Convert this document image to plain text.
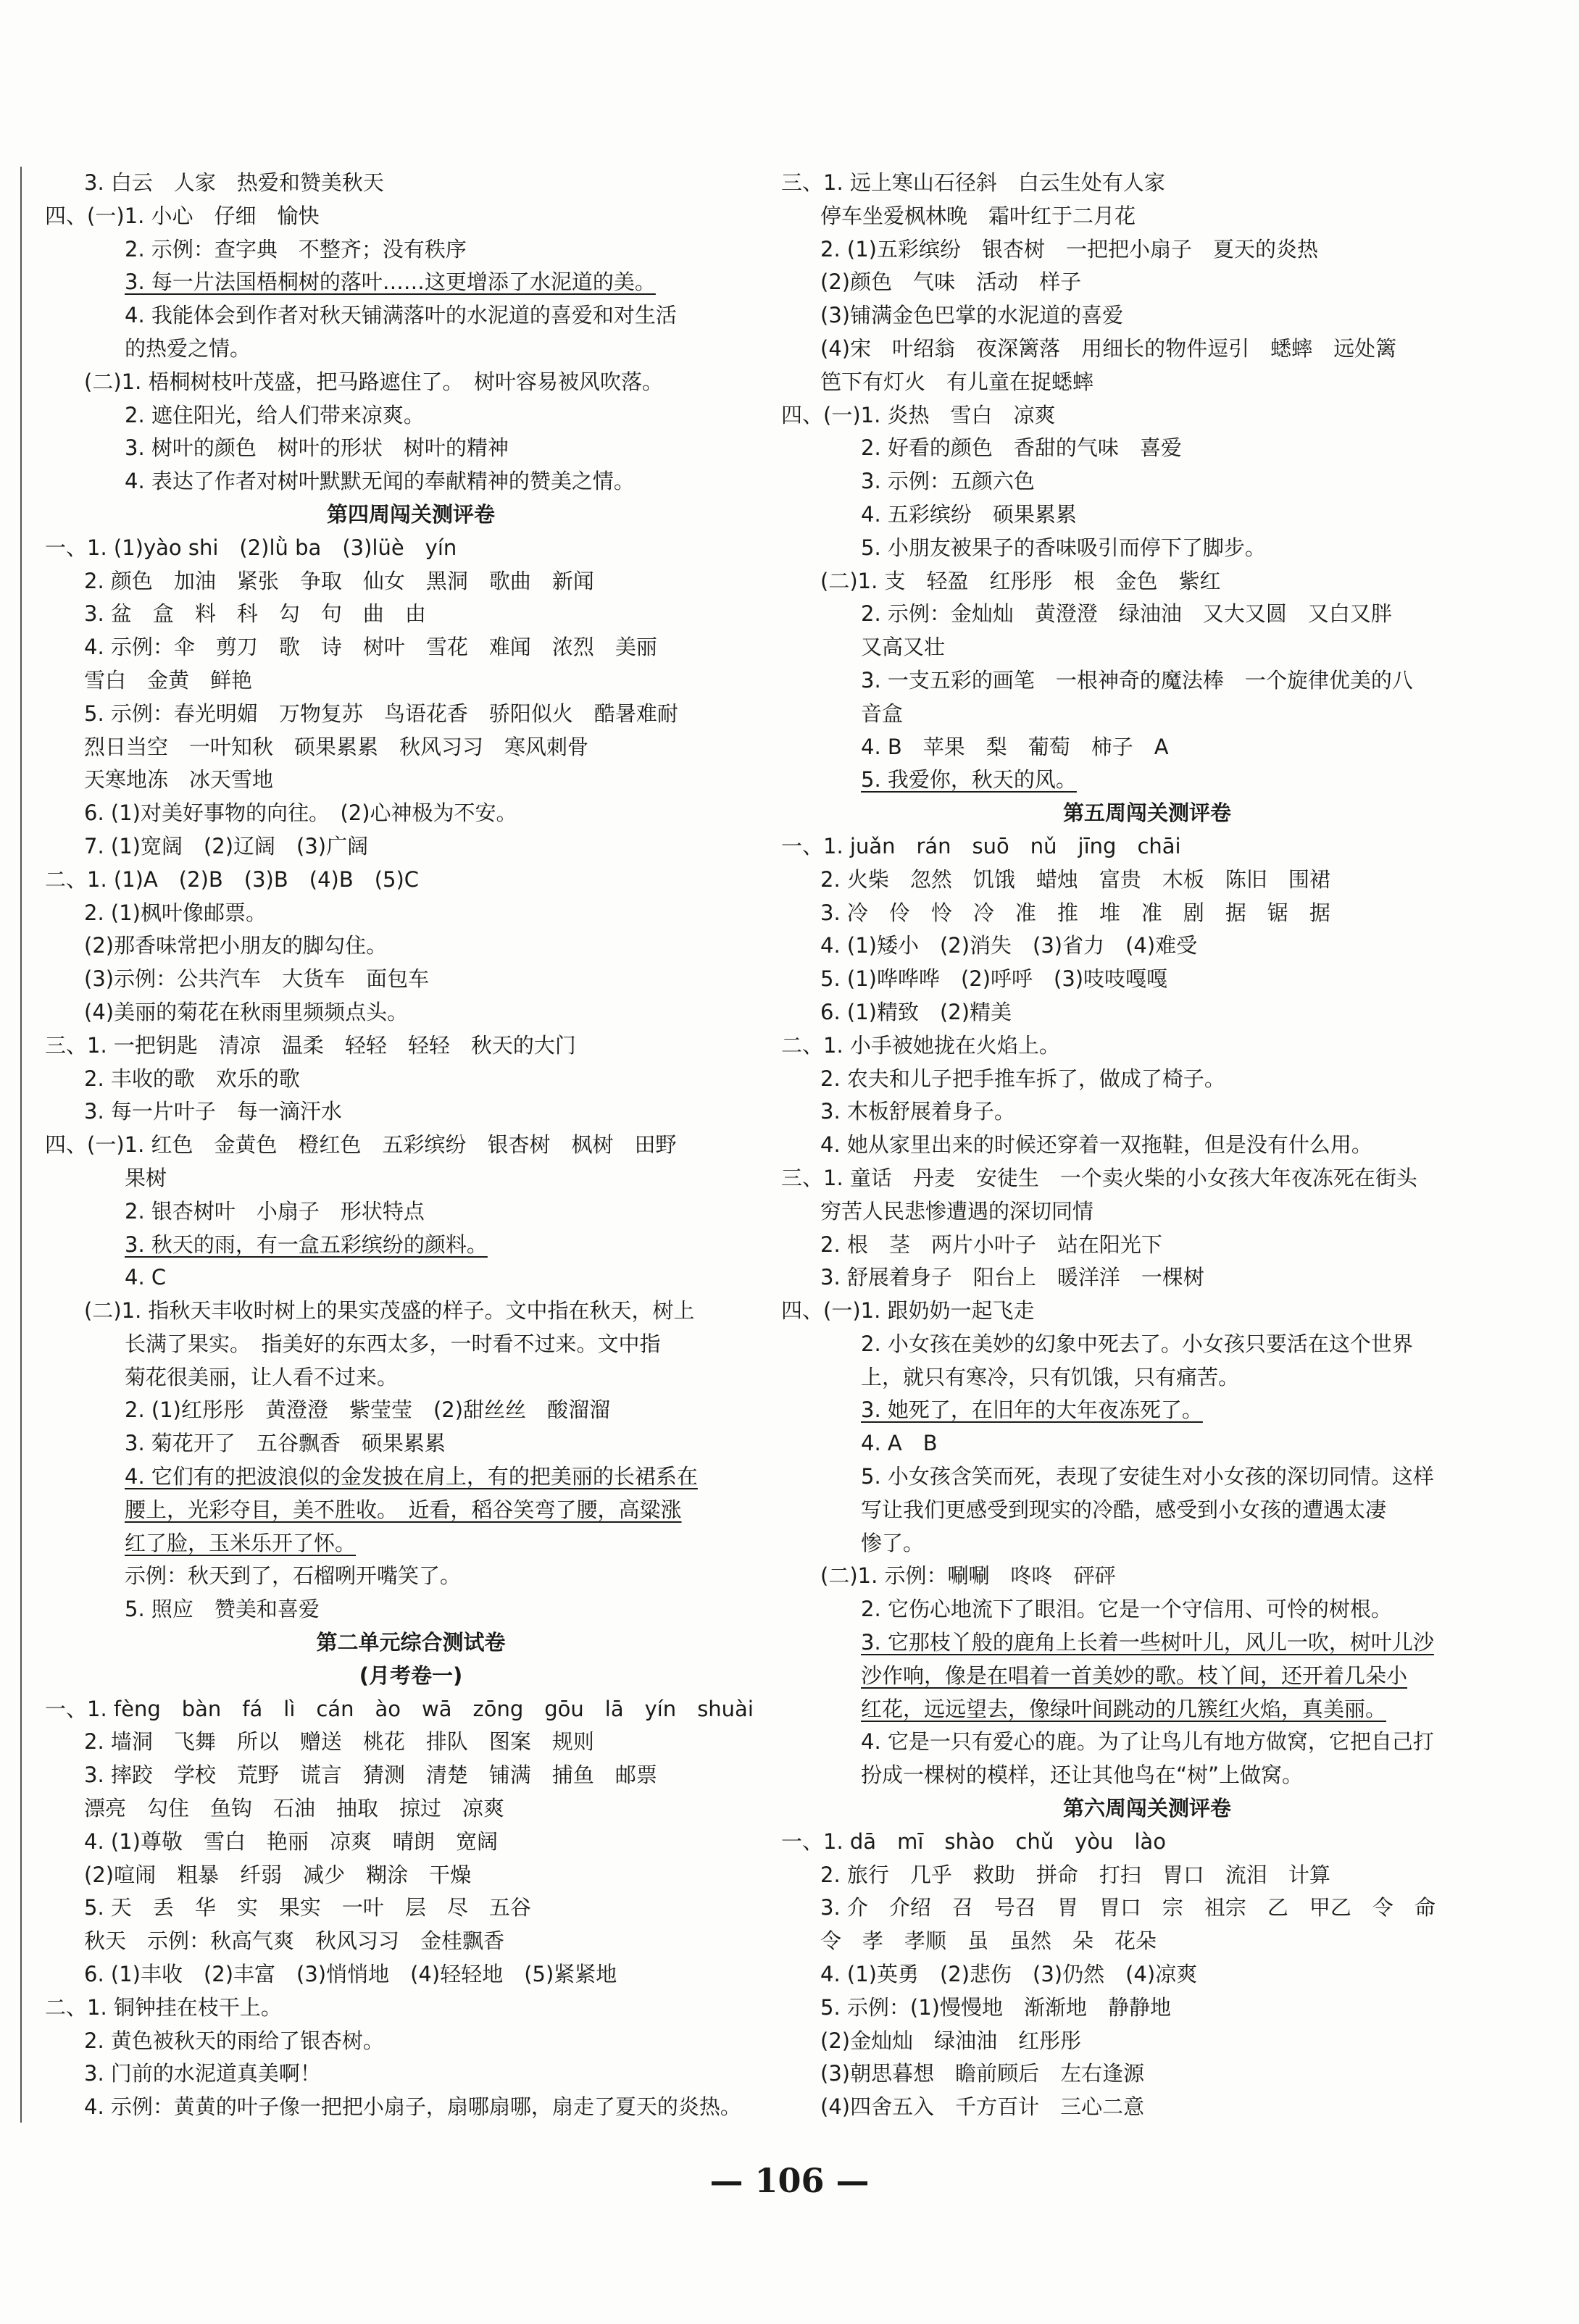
3. 白云　人家　热爱和赞美秋天
四、(一)1. 小心　仔细　愉快
2. 示例：查字典　不整齐；没有秩序
3. 每一片法国梧桐树的落叶……这更增添了水泥道的美。
4. 我能体会到作者对秋天铺满落叶的水泥道的喜爱和对生活
的热爱之情。
(二)1. 梧桐树枝叶茂盛，把马路遮住了。　树叶容易被风吹落。
2. 遮住阳光，给人们带来凉爽。
3. 树叶的颜色　树叶的形状　树叶的精神
4. 表达了作者对树叶默默无闻的奉献精神的赞美之情。
第四周闯关测评卷
一、1. (1)yào shi　(2)lǜ ba　(3)lüè　yín
2. 颜色　加油　紧张　争取　仙女　黑洞　歌曲　新闻
3. 盆　盒　料　科　勾　句　曲　由
4. 示例：伞　剪刀　歌　诗　树叶　雪花　难闻　浓烈　美丽
雪白　金黄　鲜艳
5. 示例：春光明媚　万物复苏　鸟语花香　骄阳似火　酷暑难耐
烈日当空　一叶知秋　硕果累累　秋风习习　寒风刺骨
天寒地冻　冰天雪地
6. (1)对美好事物的向往。　(2)心神极为不安。
7. (1)宽阔　(2)辽阔　(3)广阔
二、1. (1)A　(2)B　(3)B　(4)B　(5)C
2. (1)枫叶像邮票。
(2)那香味常把小朋友的脚勾住。
(3)示例：公共汽车　大货车　面包车
(4)美丽的菊花在秋雨里频频点头。
三、1. 一把钥匙　清凉　温柔　轻轻　轻轻　秋天的大门
2. 丰收的歌　欢乐的歌
3. 每一片叶子　每一滴汗水
四、(一)1. 红色　金黄色　橙红色　五彩缤纷　银杏树　枫树　田野
果树
2. 银杏树叶　小扇子　形状特点
3. 秋天的雨，有一盒五彩缤纷的颜料。
4. C
(二)1. 指秋天丰收时树上的果实茂盛的样子。文中指在秋天，树上
长满了果实。　指美好的东西太多，一时看不过来。文中指
菊花很美丽，让人看不过来。
2. (1)红彤彤　黄澄澄　紫莹莹　(2)甜丝丝　酸溜溜
3. 菊花开了　五谷飘香　硕果累累
4. 它们有的把波浪似的金发披在肩上，有的把美丽的长裙系在
腰上，光彩夺目，美不胜收。　近看，稻谷笑弯了腰，高粱涨
红了脸，玉米乐开了怀。
示例：秋天到了，石榴咧开嘴笑了。
5. 照应　赞美和喜爱
第二单元综合测试卷
(月考卷一)
一、1. fèng　bàn　fá　lì　cán　ào　wā　zōng　gōu　lā　yín　shuài
2. 墙洞　飞舞　所以　赠送　桃花　排队　图案　规则
3. 摔跤　学校　荒野　谎言　猜测　清楚　铺满　捕鱼　邮票
漂亮　勾住　鱼钩　石油　抽取　掠过　凉爽
4. (1)尊敬　雪白　艳丽　凉爽　晴朗　宽阔
(2)喧闹　粗暴　纤弱　减少　糊涂　干燥
5. 天　丢　华　实　果实　一叶　层　尽　五谷
秋天　示例：秋高气爽　秋风习习　金桂飘香
6. (1)丰收　(2)丰富　(3)悄悄地　(4)轻轻地　(5)紧紧地
二、1. 铜钟挂在枝干上。
2. 黄色被秋天的雨给了银杏树。
3. 门前的水泥道真美啊！
4. 示例：黄黄的叶子像一把把小扇子，扇哪扇哪，扇走了夏天的炎热。
三、1. 远上寒山石径斜　白云生处有人家
停车坐爱枫林晚　霜叶红于二月花
2. (1)五彩缤纷　银杏树　一把把小扇子　夏天的炎热
(2)颜色　气味　活动　样子
(3)铺满金色巴掌的水泥道的喜爱
(4)宋　叶绍翁　夜深篱落　用细长的物件逗引　蟋蟀　远处篱
笆下有灯火　有儿童在捉蟋蟀
四、(一)1. 炎热　雪白　凉爽
2. 好看的颜色　香甜的气味　喜爱
3. 示例：五颜六色
4. 五彩缤纷　硕果累累
5. 小朋友被果子的香味吸引而停下了脚步。
(二)1. 支　轻盈　红彤彤　根　金色　紫红
2. 示例：金灿灿　黄澄澄　绿油油　又大又圆　又白又胖
又高又壮
3. 一支五彩的画笔　一根神奇的魔法棒　一个旋律优美的八
音盒
4. B　苹果　梨　葡萄　柿子　A
5. 我爱你，秋天的风。
第五周闯关测评卷
一、1. juǎn　rán　suō　nǔ　jīng　chāi
2. 火柴　忽然　饥饿　蜡烛　富贵　木板　陈旧　围裙
3. 冷　伶　怜　冷　准　推　堆　准　剧　据　锯　据
4. (1)矮小　(2)消失　(3)省力　(4)难受
5. (1)哗哗哗　(2)呼呼　(3)吱吱嘎嘎
6. (1)精致　(2)精美
二、1. 小手被她拢在火焰上。
2. 农夫和儿子把手推车拆了，做成了椅子。
3. 木板舒展着身子。
4. 她从家里出来的时候还穿着一双拖鞋，但是没有什么用。
三、1. 童话　丹麦　安徒生　一个卖火柴的小女孩大年夜冻死在街头
穷苦人民悲惨遭遇的深切同情
2. 根　茎　两片小叶子　站在阳光下
3. 舒展着身子　阳台上　暖洋洋　一棵树
四、(一)1. 跟奶奶一起飞走
2. 小女孩在美妙的幻象中死去了。小女孩只要活在这个世界
上，就只有寒冷，只有饥饿，只有痛苦。
3. 她死了，在旧年的大年夜冻死了。
4. A　B
5. 小女孩含笑而死，表现了安徒生对小女孩的深切同情。这样
写让我们更感受到现实的冷酷，感受到小女孩的遭遇太凄
惨了。
(二)1. 示例：唰唰　咚咚　砰砰
2. 它伤心地流下了眼泪。它是一个守信用、可怜的树根。
3. 它那枝丫般的鹿角上长着一些树叶儿，风儿一吹，树叶儿沙
沙作响，像是在唱着一首美妙的歌。枝丫间，还开着几朵小
红花，远远望去，像绿叶间跳动的几簇红火焰，真美丽。
4. 它是一只有爱心的鹿。为了让鸟儿有地方做窝，它把自己打
扮成一棵树的模样，还让其他鸟在“树”上做窝。
第六周闯关测评卷
一、1. dā　mī　shào　chǔ　yòu　lào
2. 旅行　几乎　救助　拼命　打扫　胃口　流泪　计算
3. 介　介绍　召　号召　胃　胃口　宗　祖宗　乙　甲乙　令　命
令　孝　孝顺　虽　虽然　朵　花朵
4. (1)英勇　(2)悲伤　(3)仍然　(4)凉爽
5. 示例：(1)慢慢地　渐渐地　静静地
(2)金灿灿　绿油油　红彤彤
(3)朝思暮想　瞻前顾后　左右逢源
(4)四舍五入　千方百计　三心二意
— 106 —
